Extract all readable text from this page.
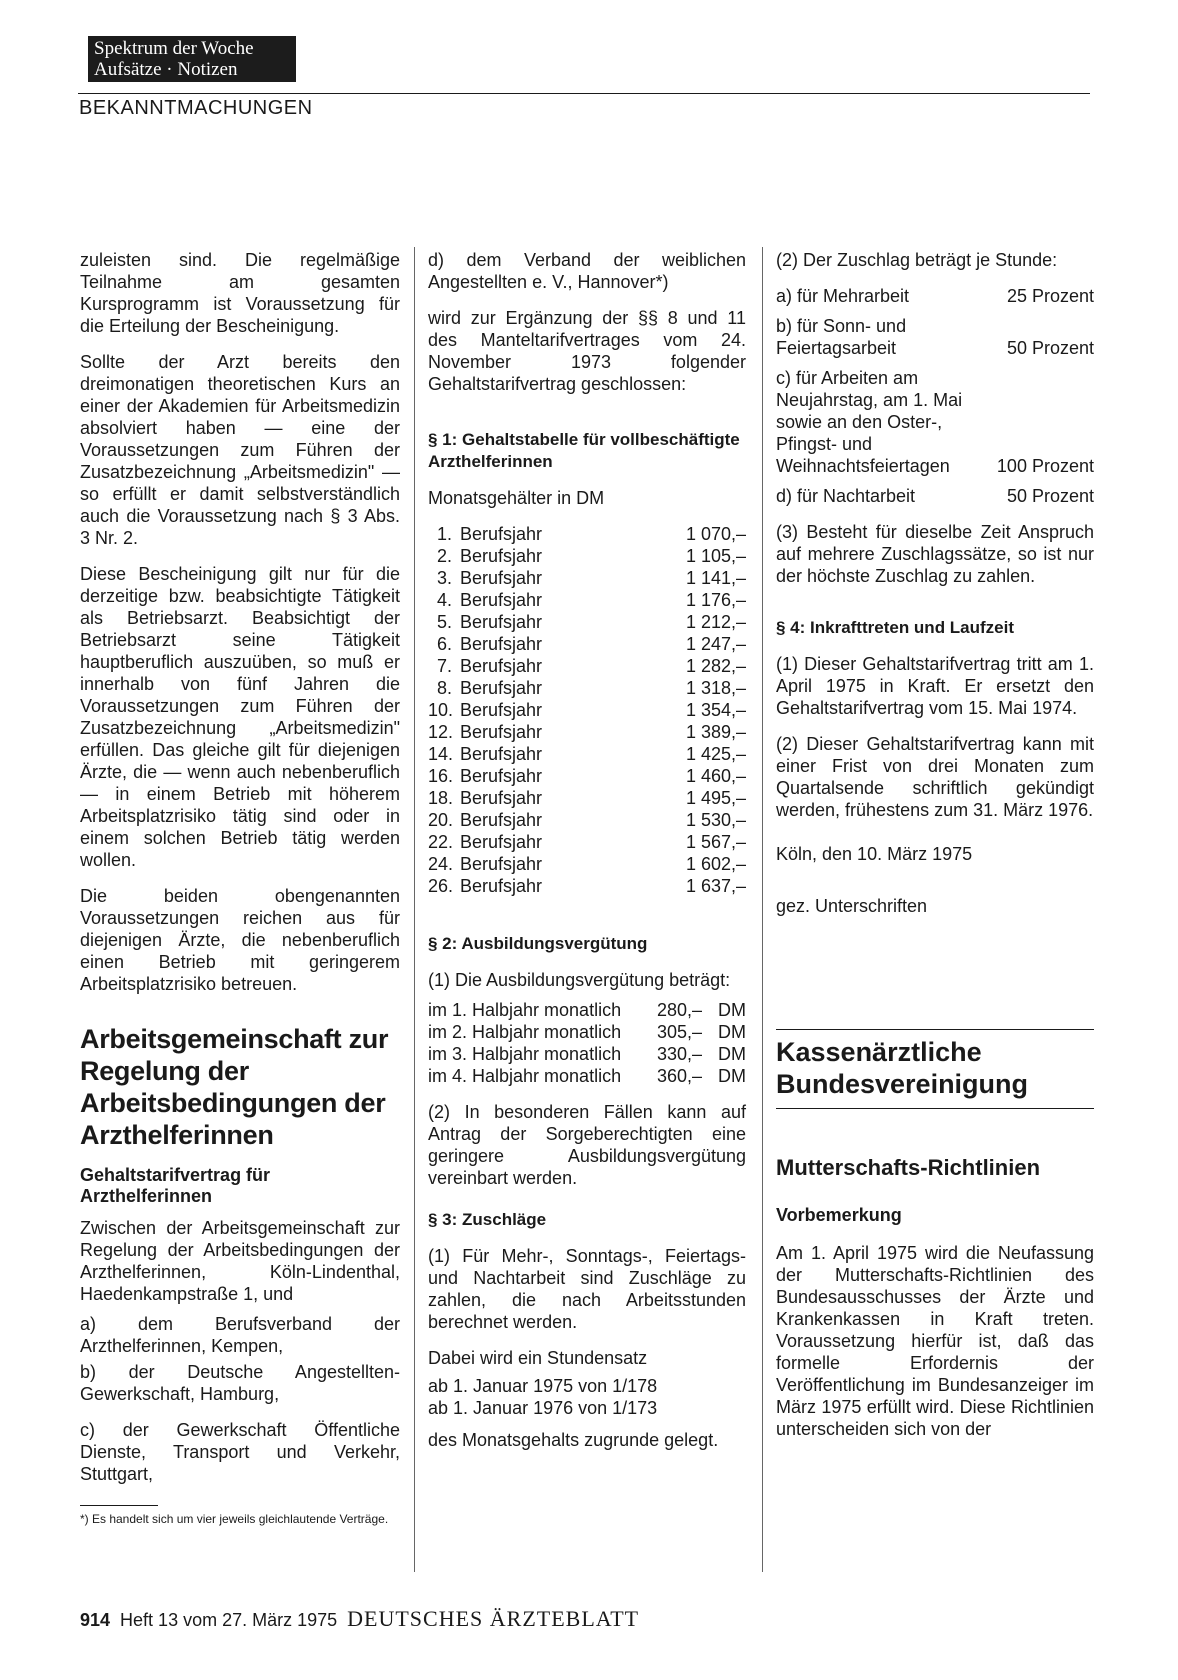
Spektrum der Woche
Aufsätze · Notizen
BEKANNTMACHUNGEN

zuleisten sind. Die regelmäßige Teilnahme am gesamten Kursprogramm ist Voraussetzung für die Erteilung der Bescheinigung.

Sollte der Arzt bereits den dreimonatigen theoretischen Kurs an einer der Akademien für Arbeitsmedizin absolviert haben — eine der Voraussetzungen zum Führen der Zusatzbezeichnung „Arbeitsmedizin" — so erfüllt er damit selbstverständlich auch die Voraussetzung nach § 3 Abs. 3 Nr. 2.

Diese Bescheinigung gilt nur für die derzeitige bzw. beabsichtigte Tätigkeit als Betriebsarzt. Beabsichtigt der Betriebsarzt seine Tätigkeit hauptberuflich auszuüben, so muß er innerhalb von fünf Jahren die Voraussetzungen zum Führen der Zusatzbezeichnung „Arbeitsmedizin" erfüllen. Das gleiche gilt für diejenigen Ärzte, die — wenn auch nebenberuflich — in einem Betrieb mit höherem Arbeitsplatzrisiko tätig sind oder in einem solchen Betrieb tätig werden wollen.

Die beiden obengenannten Voraussetzungen reichen aus für diejenigen Ärzte, die nebenberuflich einen Betrieb mit geringerem Arbeitsplatzrisiko betreuen.

Arbeitsgemeinschaft zur Regelung der Arbeitsbedingungen der Arzthelferinnen
Gehaltstarifvertrag für Arzthelferinnen

Zwischen der Arbeitsgemeinschaft zur Regelung der Arbeitsbedingungen der Arzthelferinnen, Köln-Lindenthal, Haedenkampstraße 1, und

a) dem Berufsverband der Arzthelferinnen, Kempen,

b) der Deutsche Angestellten-Gewerkschaft, Hamburg,

c) der Gewerkschaft Öffentliche Dienste, Transport und Verkehr, Stuttgart,

*) Es handelt sich um vier jeweils gleichlautende Verträge.

d) dem Verband der weiblichen Angestellten e. V., Hannover*)

wird zur Ergänzung der §§ 8 und 11 des Manteltarifvertrages vom 24. November 1973 folgender Gehaltstarifvertrag geschlossen:

§ 1: Gehaltstabelle für vollbeschäftigte Arzthelferinnen

Monatsgehälter in DM

1. Berufsjahr	1 070,–
2. Berufsjahr	1 105,–
3. Berufsjahr	1 141,–
4. Berufsjahr	1 176,–
5. Berufsjahr	1 212,–
6. Berufsjahr	1 247,–
7. Berufsjahr	1 282,–
8. Berufsjahr	1 318,–
10. Berufsjahr	1 354,–
12. Berufsjahr	1 389,–
14. Berufsjahr	1 425,–
16. Berufsjahr	1 460,–
18. Berufsjahr	1 495,–
20. Berufsjahr	1 530,–
22. Berufsjahr	1 567,–
24. Berufsjahr	1 602,–
26. Berufsjahr	1 637,–
§ 2: Ausbildungsvergütung

(1) Die Ausbildungsvergütung beträgt:

im 1. Halbjahr monatlich	280,– DM
im 2. Halbjahr monatlich	305,– DM
im 3. Halbjahr monatlich	330,– DM
im 4. Halbjahr monatlich	360,– DM

(2) In besonderen Fällen kann auf Antrag der Sorgeberechtigten eine geringere Ausbildungsvergütung vereinbart werden.

§ 3: Zuschläge

(1) Für Mehr-, Sonntags-, Feiertags- und Nachtarbeit sind Zuschläge zu zahlen, die nach Arbeitsstunden berechnet werden.

Dabei wird ein Stundensatz

ab 1. Januar 1975 von 1/178
ab 1. Januar 1976 von 1/173

des Monatsgehalts zugrunde gelegt.

(2) Der Zuschlag beträgt je Stunde:

a) für Mehrarbeit	25 Prozent
b) für Sonn- und Feiertagsarbeit	50 Prozent
c) für Arbeiten am Neujahrstag, am 1. Mai sowie an den Oster-, Pfingst- und Weihnachtsfeiertagen	100 Prozent
d) für Nachtarbeit	50 Prozent

(3) Besteht für dieselbe Zeit Anspruch auf mehrere Zuschlagssätze, so ist nur der höchste Zuschlag zu zahlen.

§ 4: Inkrafttreten und Laufzeit

(1) Dieser Gehaltstarifvertrag tritt am 1. April 1975 in Kraft. Er ersetzt den Gehaltstarifvertrag vom 15. Mai 1974.

(2) Dieser Gehaltstarifvertrag kann mit einer Frist von drei Monaten zum Quartalsende schriftlich gekündigt werden, frühestens zum 31. März 1976.

Köln, den 10. März 1975

gez. Unterschriften

Kassenärztliche Bundesvereinigung
Mutterschafts-Richtlinien
Vorbemerkung

Am 1. April 1975 wird die Neufassung der Mutterschafts-Richtlinien des Bundesausschusses der Ärzte und Krankenkassen in Kraft treten. Voraussetzung hierfür ist, daß das formelle Erfordernis der Veröffentlichung im Bundesanzeiger im März 1975 erfüllt wird. Diese Richtlinien unterscheiden sich von der

914 Heft 13 vom 27. März 1975 DEUTSCHES ÄRZTEBLATT
